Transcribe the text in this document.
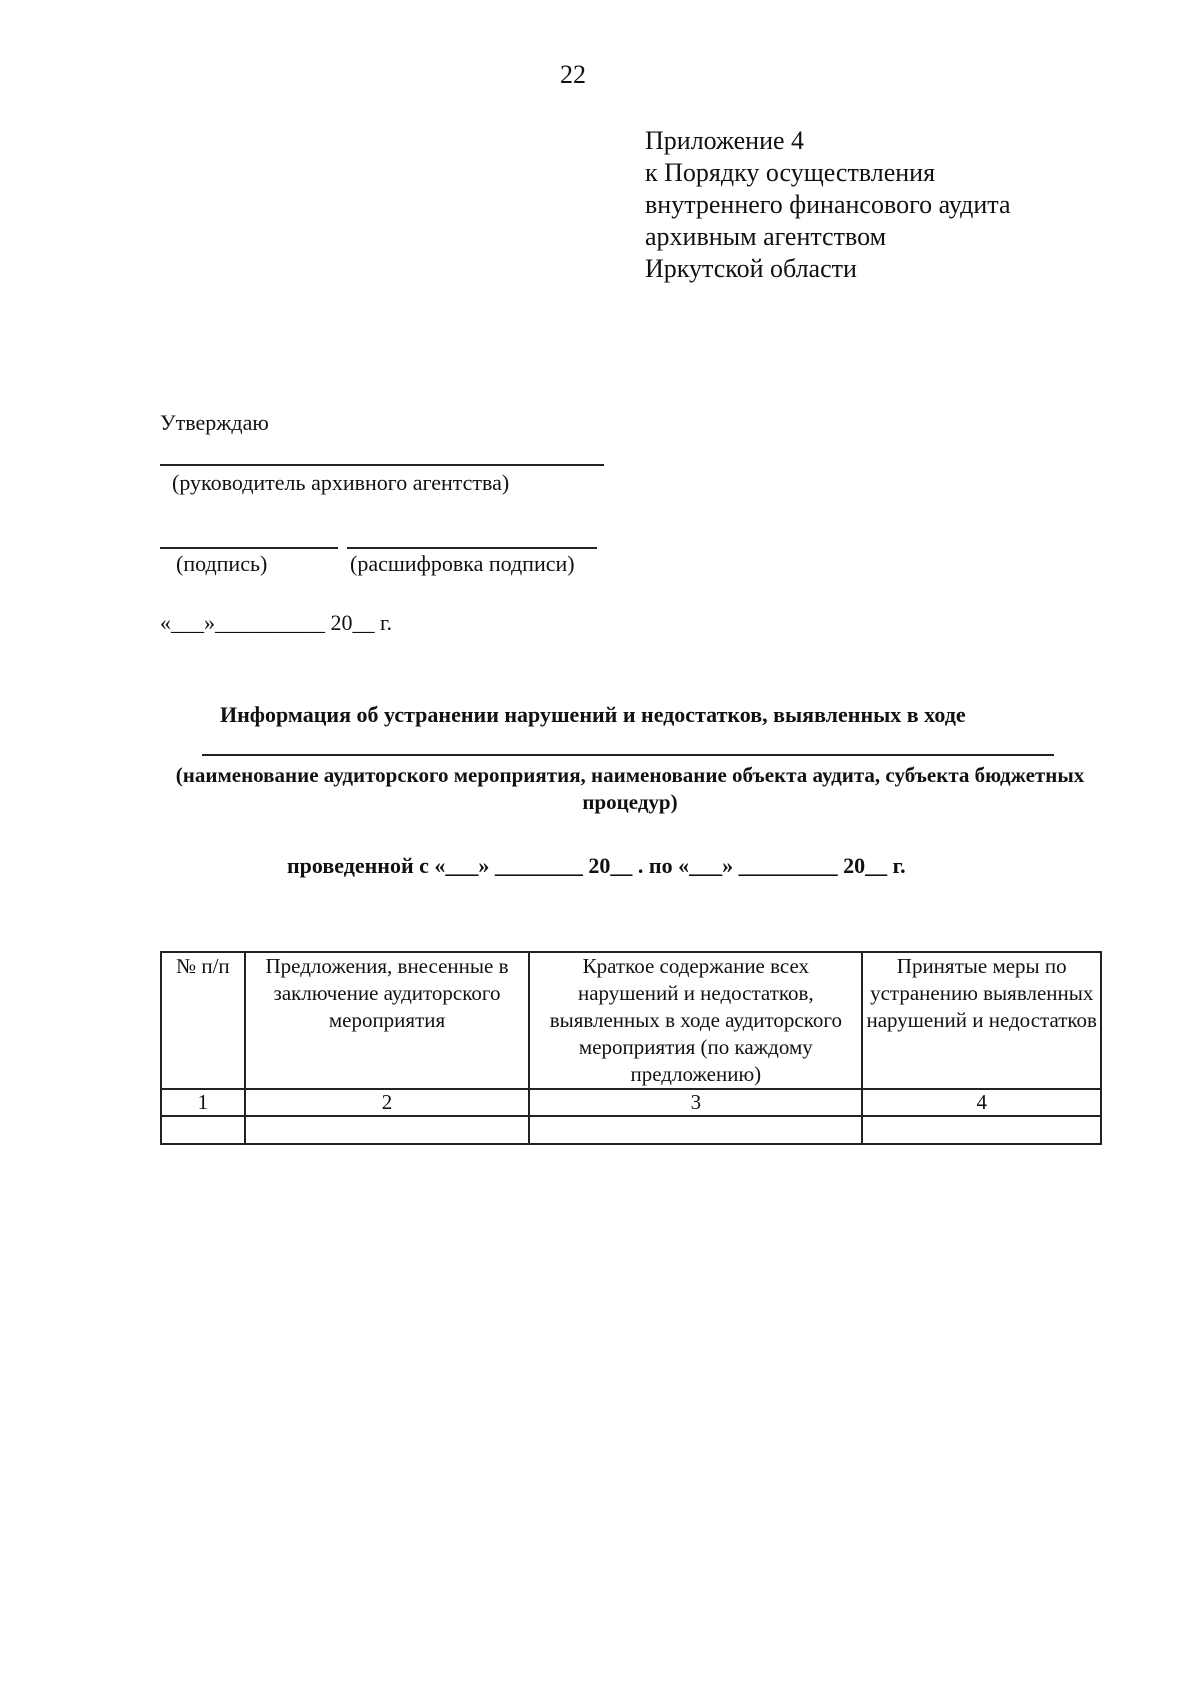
22
Приложение 4
к Порядку осуществления
внутреннего финансового аудита
архивным агентством
Иркутской области
Утверждаю
(руководитель архивного агентства)
(подпись)	(расшифровка подписи)
«___»__________ 20__ г.
Информация об устранении нарушений и недостатков, выявленных в ходе
(наименование аудиторского мероприятия, наименование объекта аудита, субъекта бюджетных процедур)
проведенной с «___» ________ 20__ . по «___» _________ 20__ г.
№ п/п	Предложения, внесенные в заключение аудиторского мероприятия	Краткое содержание всех нарушений и недостатков, выявленных в ходе аудиторского мероприятия (по каждому предложению)	Принятые меры по устранению выявленных нарушений и недостатков
1	2	3	4
